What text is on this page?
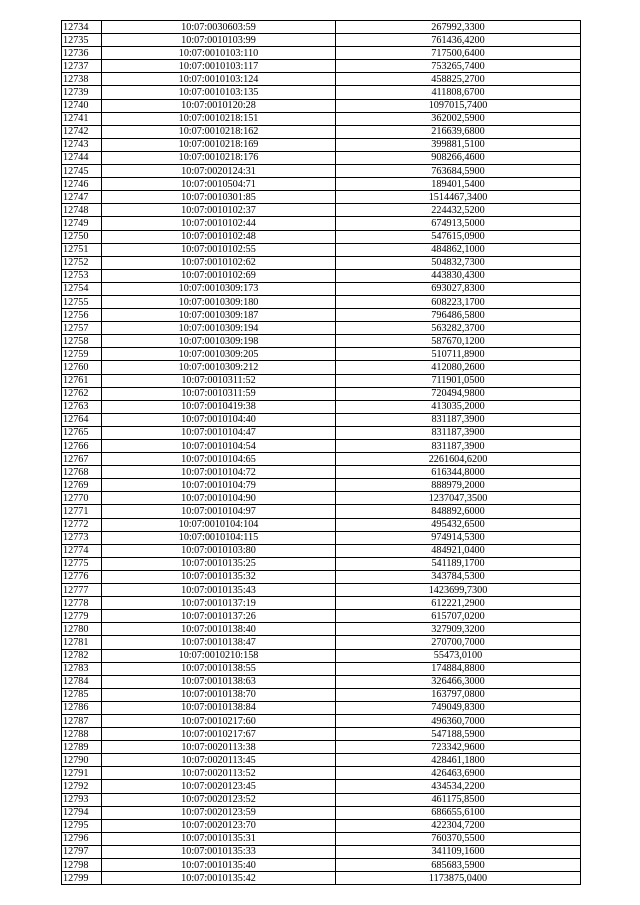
12734	10:07:0030603:59	267992,3300
12735	10:07:0010103:99	761436,4200
12736	10:07:0010103:110	717500,6400
12737	10:07:0010103:117	753265,7400
12738	10:07:0010103:124	458825,2700
12739	10:07:0010103:135	411808,6700
12740	10:07:0010120:28	1097015,7400
12741	10:07:0010218:151	362002,5900
12742	10:07:0010218:162	216639,6800
12743	10:07:0010218:169	399881,5100
12744	10:07:0010218:176	908266,4600
12745	10:07:0020124:31	763684,5900
12746	10:07:0010504:71	189401,5400
12747	10:07:0010301:85	1514467,3400
12748	10:07:0010102:37	224432,5200
12749	10:07:0010102:44	674913,5000
12750	10:07:0010102:48	547615,0900
12751	10:07:0010102:55	484862,1000
12752	10:07:0010102:62	504832,7300
12753	10:07:0010102:69	443830,4300
12754	10:07:0010309:173	693027,8300
12755	10:07:0010309:180	608223,1700
12756	10:07:0010309:187	796486,5800
12757	10:07:0010309:194	563282,3700
12758	10:07:0010309:198	587670,1200
12759	10:07:0010309:205	510711,8900
12760	10:07:0010309:212	412080,2600
12761	10:07:0010311:52	711901,0500
12762	10:07:0010311:59	720494,9800
12763	10:07:0010419:38	413035,2000
12764	10:07:0010104:40	831187,3900
12765	10:07:0010104:47	831187,3900
12766	10:07:0010104:54	831187,3900
12767	10:07:0010104:65	2261604,6200
12768	10:07:0010104:72	616344,8000
12769	10:07:0010104:79	888979,2000
12770	10:07:0010104:90	1237047,3500
12771	10:07:0010104:97	848892,6000
12772	10:07:0010104:104	495432,6500
12773	10:07:0010104:115	974914,5300
12774	10:07:0010103:80	484921,0400
12775	10:07:0010135:25	541189,1700
12776	10:07:0010135:32	343784,5300
12777	10:07:0010135:43	1423699,7300
12778	10:07:0010137:19	612221,2900
12779	10:07:0010137:26	615707,0200
12780	10:07:0010138:40	327909,3200
12781	10:07:0010138:47	270700,7000
12782	10:07:0010210:158	55473,0100
12783	10:07:0010138:55	174884,8800
12784	10:07:0010138:63	326466,3000
12785	10:07:0010138:70	163797,0800
12786	10:07:0010138:84	749049,8300
12787	10:07:0010217:60	496360,7000
12788	10:07:0010217:67	547188,5900
12789	10:07:0020113:38	723342,9600
12790	10:07:0020113:45	428461,1800
12791	10:07:0020113:52	426463,6900
12792	10:07:0020123:45	434534,2200
12793	10:07:0020123:52	461175,8500
12794	10:07:0020123:59	686655,6100
12795	10:07:0020123:70	422304,7200
12796	10:07:0010135:31	760370,5500
12797	10:07:0010135:33	341109,1600
12798	10:07:0010135:40	685683,5900
12799	10:07:0010135:42	1173875,0400
